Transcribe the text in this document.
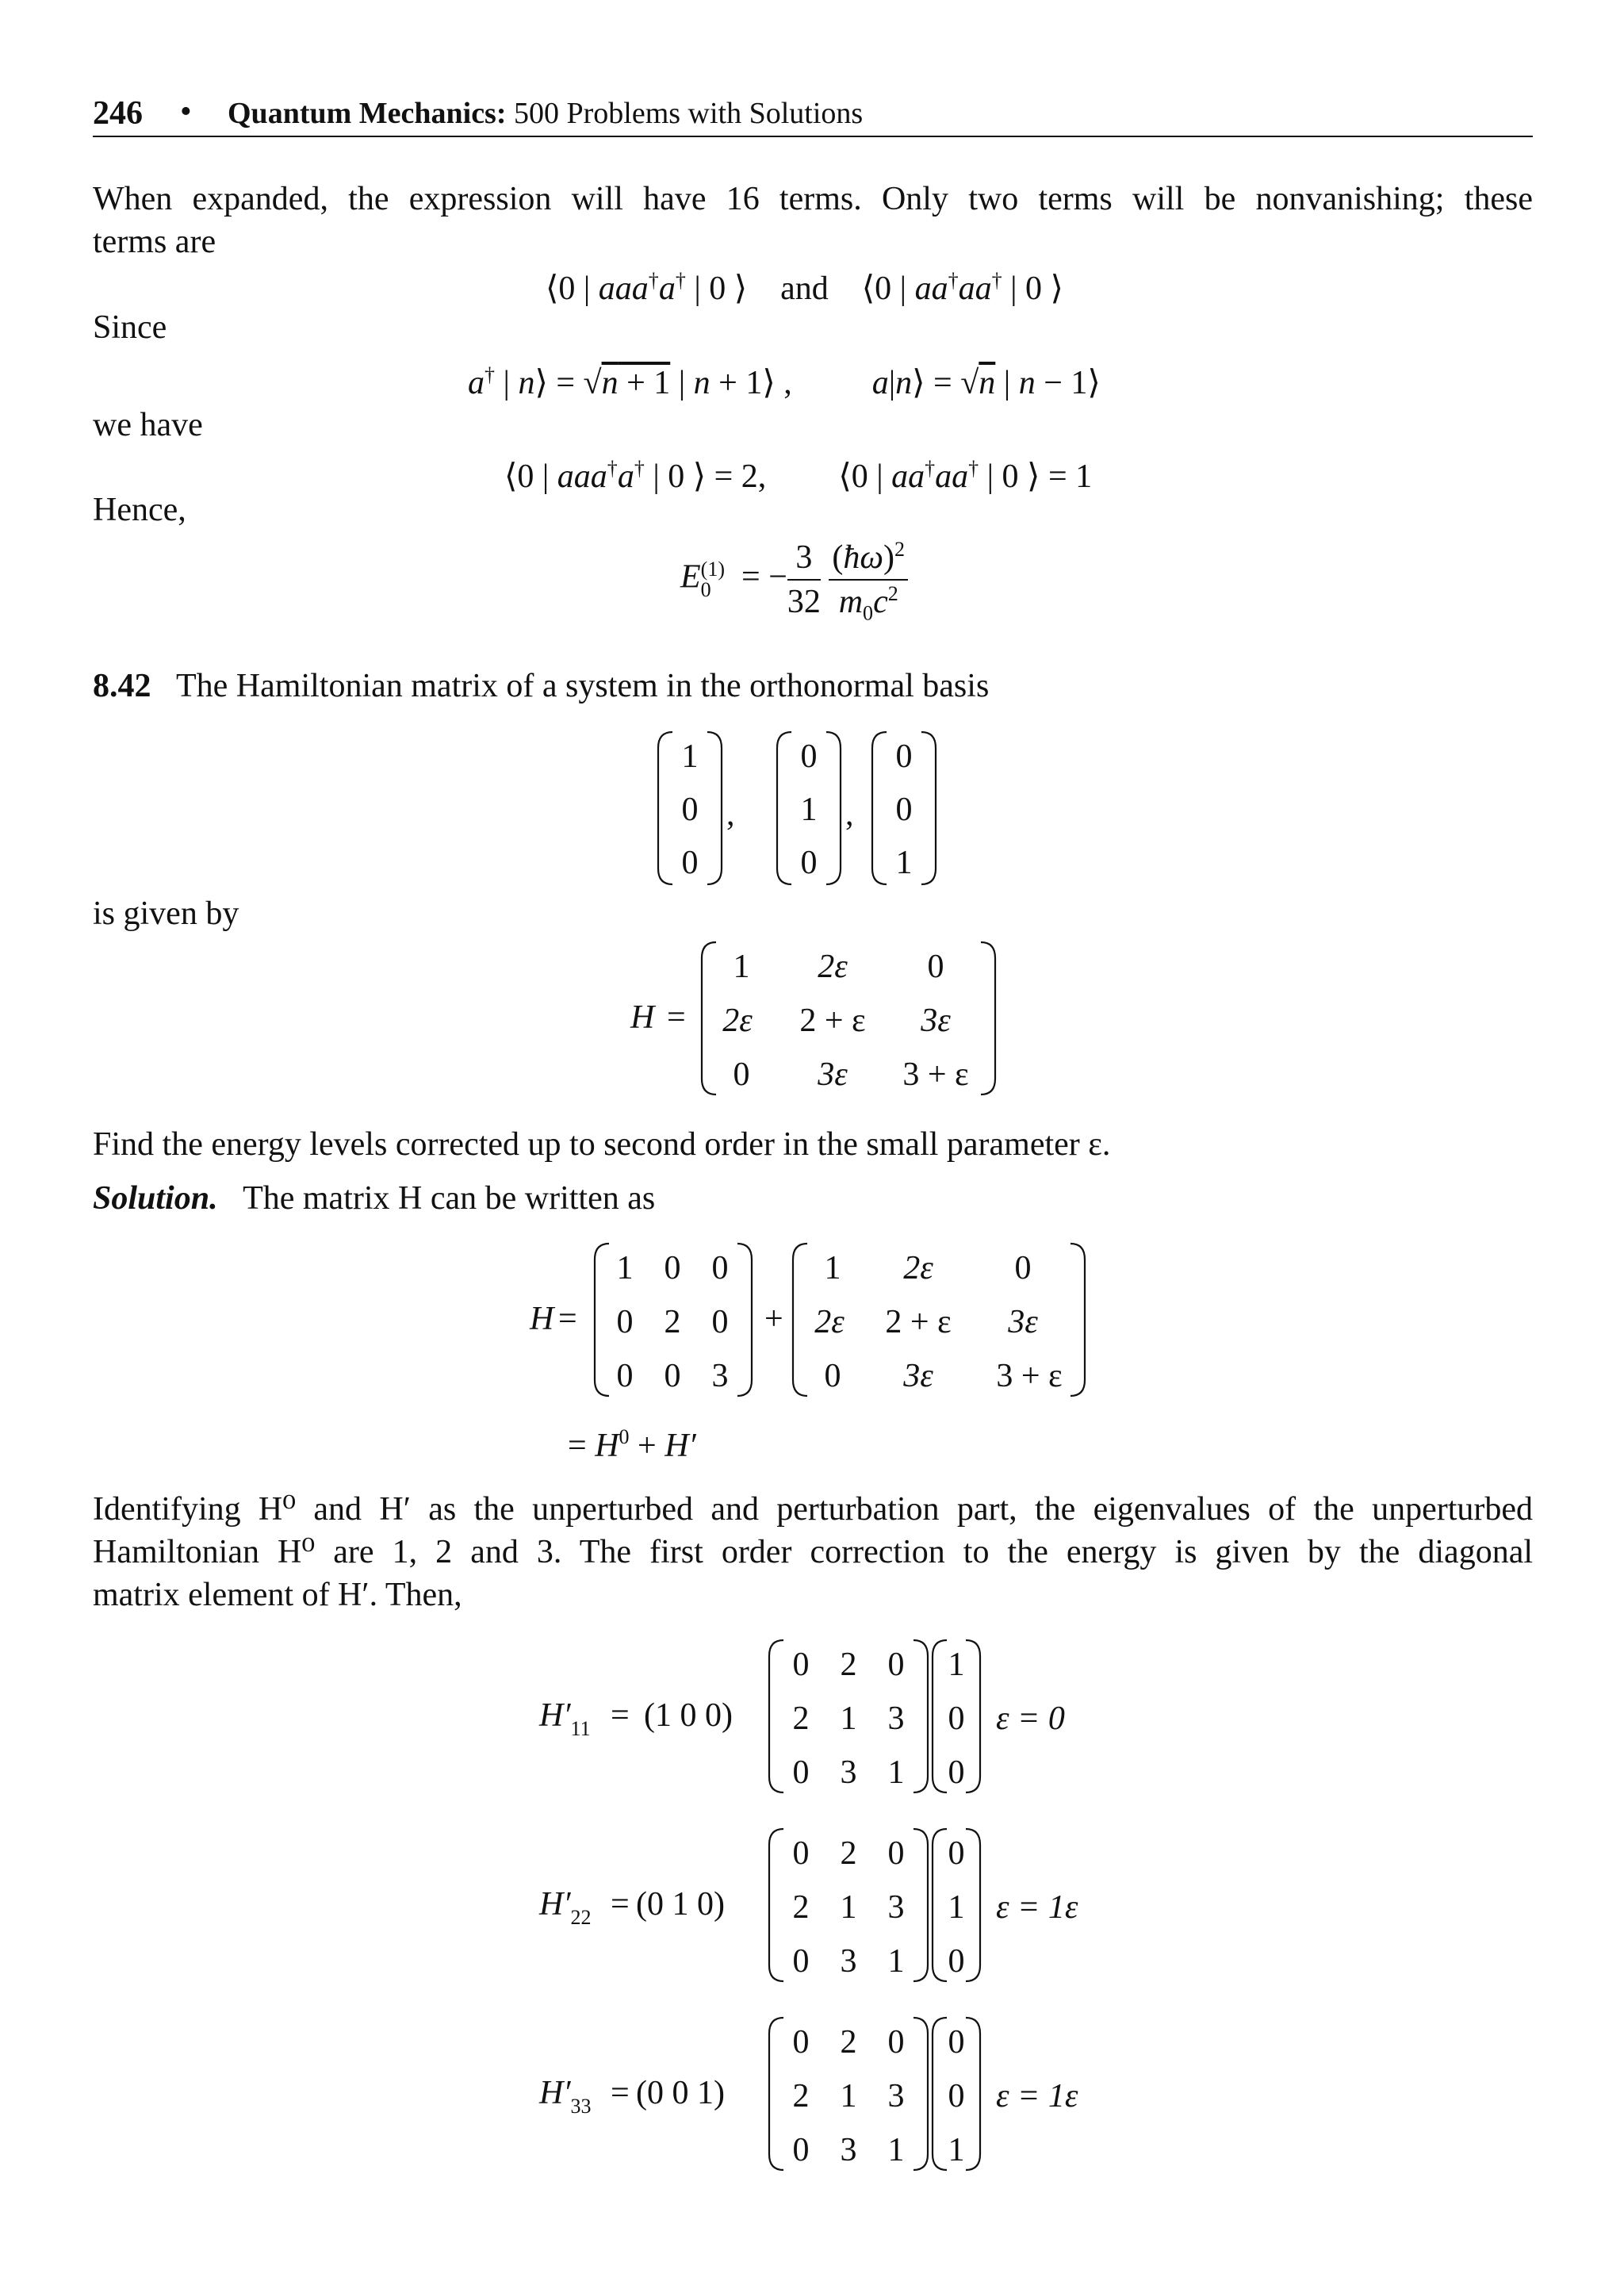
246 • Quantum Mechanics: 500 Problems with Solutions
When expanded, the expression will have 16 terms. Only two terms will be nonvanishing; these
terms are
⟨0 | aaa†a† | 0 ⟩    and    ⟨0 | aa†aa† | 0 ⟩
Since
a† | n⟩ = √n + 1 | n + 1⟩ ,  a|n⟩ = √n | n − 1⟩
we have
⟨0 | aaa†a† | 0 ⟩ = 2,  ⟨0 | aa†aa† | 0 ⟩ = 1
Hence,
E (1)
0 = − $\frac{3}{32}$
$\frac{(ħ\omega)^2}{m_0c^2}$
8.42 The Hamiltonian matrix of a system in the orthonormal basis
1
0
0
,
0
1
0
,
0
0
1
is given by
H =
1 2ε 0
2ε 2 + ε 3ε
0 3ε 3 + ε
Find the energy levels corrected up to second order in the small parameter ε.
Solution. The matrix H can be written as
H =
1 0 0
0 2 0
0 0 3
+
1 2ε 0
2ε 2 + ε 3ε
0 3ε 3 + ε
= $H^0 + H'$
Identifying H⁰ and H′ as the unperturbed and perturbation part, the eigenvalues of the unperturbed
Hamiltonian H⁰ are 1, 2 and 3. The first order correction to the energy is given by the diagonal
matrix element of H′. Then,
$H'_{11} = (1$ 0 0)
0 2 0
2 1 3
0 3 1
1
0
0
ε = 0
$H'_{22} = (0$ 1 0)
0 2 0
2 1 3
0 3 1
0
1
0
ε = 1ε
$H'_{33} = (0$ 0 1)
0 2 0
2 1 3
0 3 1
0
0
1
ε = 1ε
